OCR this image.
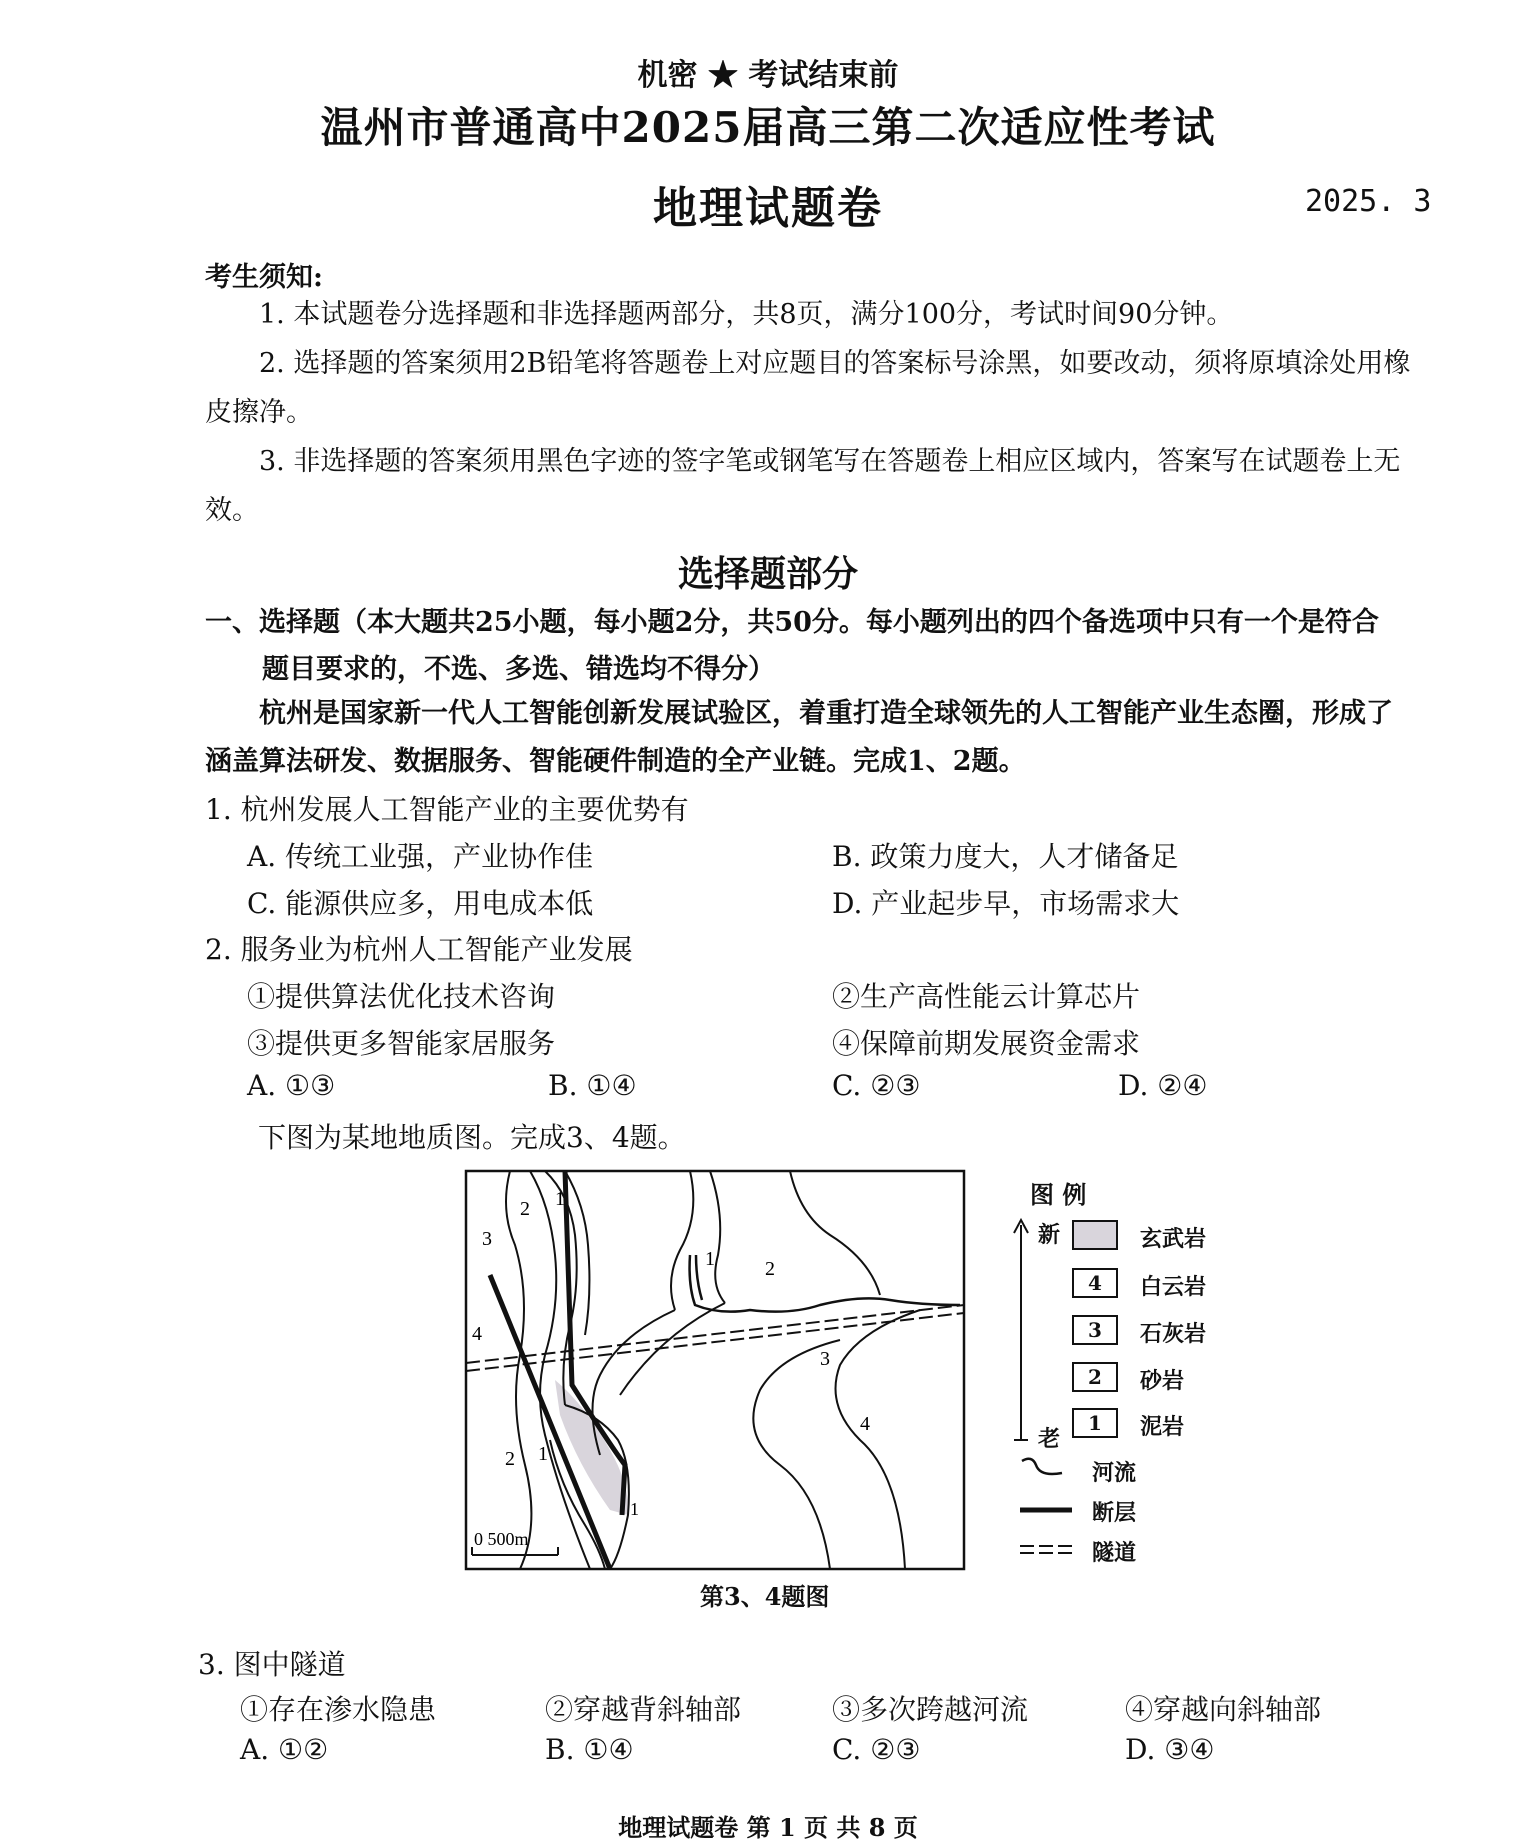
机密 ★ 考试结束前
温州市普通高中2025届高三第二次适应性考试
地理试题卷	2025. 3
考生须知:
1. 本试题卷分选择题和非选择题两部分，共8页，满分100分，考试时间90分钟。
2. 选择题的答案须用2B铅笔将答题卷上对应题目的答案标号涂黑，如要改动，须将原填涂处用橡皮擦净。
3. 非选择题的答案须用黑色字迹的签字笔或钢笔写在答题卷上相应区域内，答案写在试题卷上无效。
选择题部分
一、选择题（本大题共25小题，每小题2分，共50分。每小题列出的四个备选项中只有一个是符合
题目要求的，不选、多选、错选均不得分）
杭州是国家新一代人工智能创新发展试验区，着重打造全球领先的人工智能产业生态圈，形成了涵盖算法研发、数据服务、智能硬件制造的全产业链。完成1、2题。
1. 杭州发展人工智能产业的主要优势有
A. 传统工业强，产业协作佳	B. 政策力度大，人才储备足
C. 能源供应多，用电成本低	D. 产业起步早，市场需求大
2. 服务业为杭州人工智能产业发展
①提供算法优化技术咨询	②生产高性能云计算芯片
③提供更多智能家居服务	④保障前期发展资金需求
A. ①③	B. ①④	C. ②③	D. ②④
下图为某地地质图。完成3、4题。
0 500m
1
2
3
4
2 1
1	2
3
4
1
图 例
新
老
玄武岩
4	白云岩
3	石灰岩
2	砂岩
1	泥岩
河流
断层
隧道
第3、4题图
3. 图中隧道
①存在渗水隐患	②穿越背斜轴部	③多次跨越河流	④穿越向斜轴部
A. ①②	B. ①④	C. ②③	D. ③④
地理试题卷 第 1 页 共 8 页
